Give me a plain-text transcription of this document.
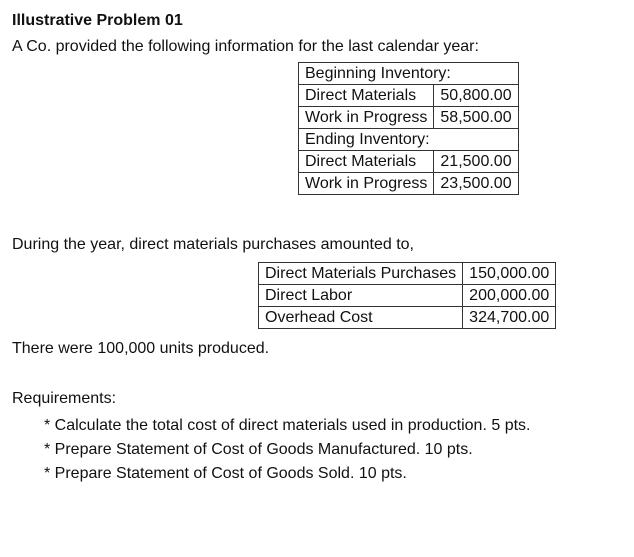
Illustrative Problem 01
A Co. provided the following information for the last calendar year:
Beginning Inventory:	
Direct Materials	50,800.00
Work in Progress	58,500.00
Ending Inventory:	
Direct Materials	21,500.00
Work in Progress	23,500.00
During the year, direct materials purchases amounted to,
Direct Materials Purchases	150,000.00
Direct Labor	200,000.00
Overhead Cost	324,700.00
There were 100,000 units produced.
Requirements:
* Calculate the total cost of direct materials used in production. 5 pts.
* Prepare Statement of Cost of Goods Manufactured. 10 pts.
* Prepare Statement of Cost of Goods Sold. 10 pts.
